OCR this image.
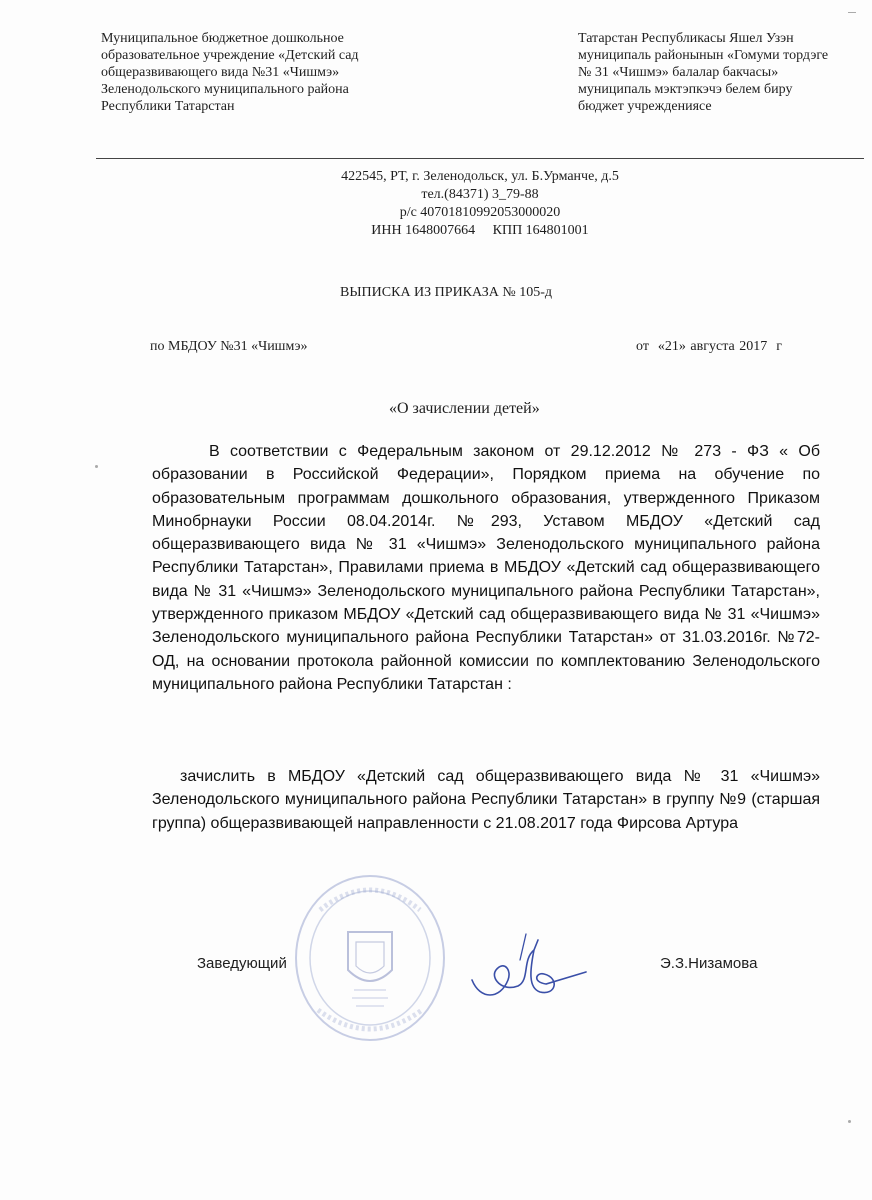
Муниципальное бюджетное дошкольное
образовательное учреждение «Детский сад
общеразвивающего вида №31 «Чишмэ»
Зеленодольского муниципального района
Республики Татарстан
Татарстан Республикасы Яшел Узэн
муниципаль районынын «Гомуми тордэге
№ 31 «Чишмэ» балалар бакчасы»
муниципаль мэктэпкэчэ белем биру
бюджет учреждениясе
422545, РТ, г. Зеленодольск, ул. Б.Урманче, д.5
тел.(84371) 3_79-88
р/с 40701810992053000020
ИНН 1648007664     КПП 164801001
ВЫПИСКА ИЗ ПРИКАЗА № 105-д
по МБДОУ №31 «Чишмэ»	от  «21» августа 2017  г
«О зачислении детей»
В соответствии с Федеральным законом от 29.12.2012 № 273 - ФЗ « Об образовании в Российской Федерации», Порядком приема на обучение по образовательным программам дошкольного образования, утвержденного Приказом Минобрнауки России 08.04.2014г. №293, Уставом МБДОУ «Детский сад общеразвивающего вида № 31 «Чишмэ» Зеленодольского муниципального района Республики Татарстан», Правилами приема в МБДОУ «Детский сад общеразвивающего вида № 31 «Чишмэ» Зеленодольского муниципального района Республики Татарстан», утвержденного приказом МБДОУ «Детский сад общеразвивающего вида № 31 «Чишмэ» Зеленодольского муниципального района Республики Татарстан» от 31.03.2016г. №72-ОД, на основании протокола районной комиссии по комплектованию Зеленодольского муниципального района Республики Татарстан :
зачислить в МБДОУ «Детский сад общеразвивающего вида № 31 «Чишмэ» Зеленодольского муниципального района Республики Татарстан» в группу №9 (старшая группа) общеразвивающей направленности с 21.08.2017 года Фирсова Артура
Заведующий	Э.З.Низамова
